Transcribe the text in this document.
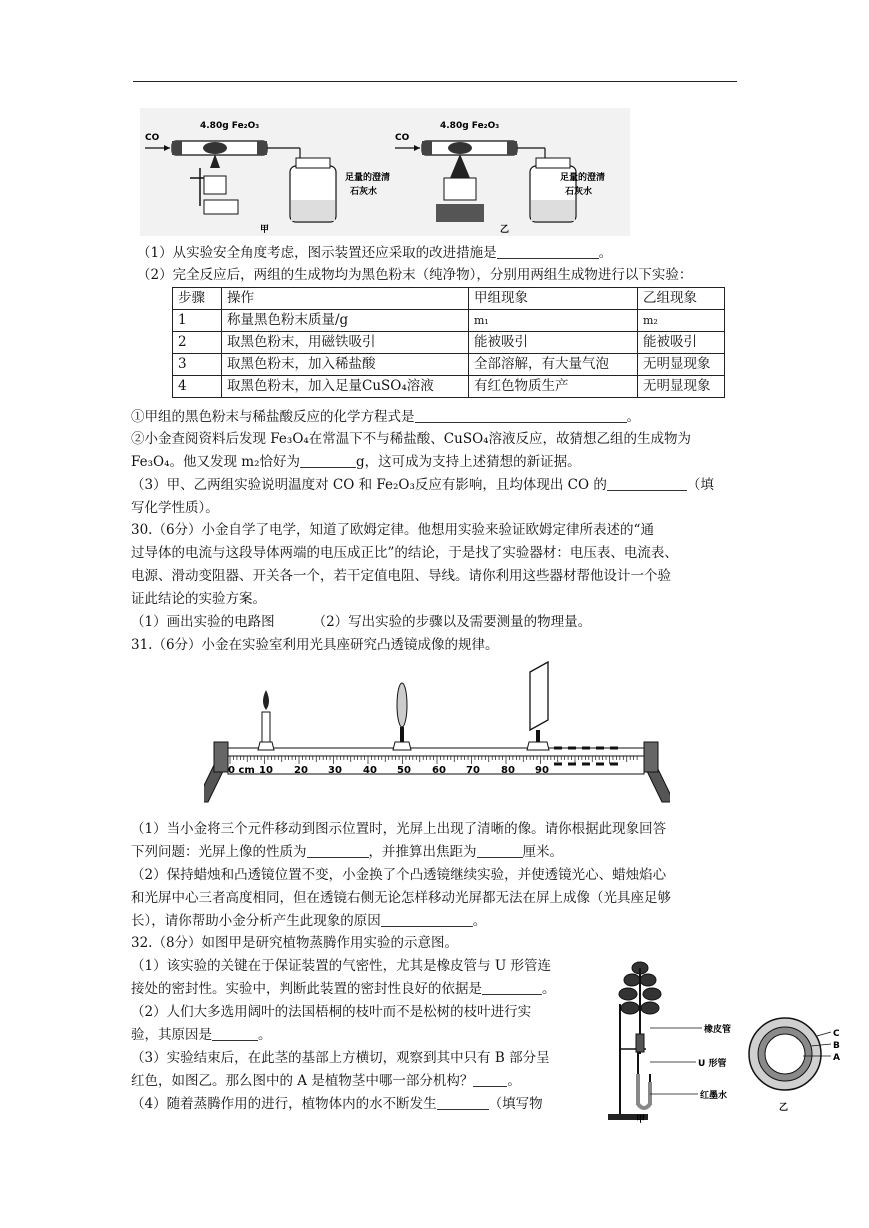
CO
4.80g Fe₂O₃
足量的澄清
石灰水
甲
CO
4.80g Fe₂O₃
足量的澄清
石灰水
乙
（1）从实验安全角度考虑，图示装置还应采取的改进措施是	。
（2）完全反应后，两组的生成物均为黑色粉末（纯净物），分别用两组生成物进行以下实验：
步骤	操作	甲组现象	乙组现象
1	称量黑色粉末质量/g	m₁	m₂
2	取黑色粉末，用磁铁吸引	能被吸引	能被吸引
3	取黑色粉末，加入稀盐酸	全部溶解，有大量气泡	无明显现象
4	取黑色粉末，加入足量CuSO₄溶液	有红色物质生产	无明显现象
①甲组的黑色粉末与稀盐酸反应的化学方程式是	。
②小金查阅资料后发现 Fe₃O₄在常温下不与稀盐酸、CuSO₄溶液反应，故猜想乙组的生成物为
Fe₃O₄。他又发现 m₂恰好为	g，这可成为支持上述猜想的新证据。
（3）甲、乙两组实验说明温度对 CO 和 Fe₂O₃反应有影响，且均体现出 CO 的	（填
写化学性质）。
30.（6分）小金自学了电学，知道了欧姆定律。他想用实验来验证欧姆定律所表述的“通
过导体的电流与这段导体两端的电压成正比”的结论，于是找了实验器材：电压表、电流表、
电源、滑动变阻器、开关各一个，若干定值电阻、导线。请你利用这些器材帮他设计一个验
证此结论的实验方案。
（1）画出实验的电路图	（2）写出实验的步骤以及需要测量的物理量。
31.（6分）小金在实验室利用光具座研究凸透镜成像的规律。
0 cm 10 20 30 40 50 60 70 80 90
（1）当小金将三个元件移动到图示位置时，光屏上出现了清晰的像。请你根据此现象回答
下列问题：光屏上像的性质为	，并推算出焦距为	厘米。
（2）保持蜡烛和凸透镜位置不变，小金换了个凸透镜继续实验，并使透镜光心、蜡烛焰心
和光屏中心三者高度相同，但在透镜右侧无论怎样移动光屏都无法在屏上成像（光具座足够
长），请你帮助小金分析产生此现象的原因	。
32.（8分）如图甲是研究植物蒸腾作用实验的示意图。
（1）该实验的关键在于保证装置的气密性，尤其是橡皮管与 U 形管连
接处的密封性。实验中，判断此装置的密封性良好的依据是	。
（2）人们大多选用阔叶的法国梧桐的枝叶而不是松树的枝叶进行实
验，其原因是	。
（3）实验结束后，在此茎的基部上方横切，观察到其中只有 B 部分呈
红色，如图乙。那么图中的 A 是植物茎中哪一部分机构？	。
（4）随着蒸腾作用的进行，植物体内的水不断发生	（填写物
橡皮管
U 形管
红墨水
甲
C
B
A
乙
